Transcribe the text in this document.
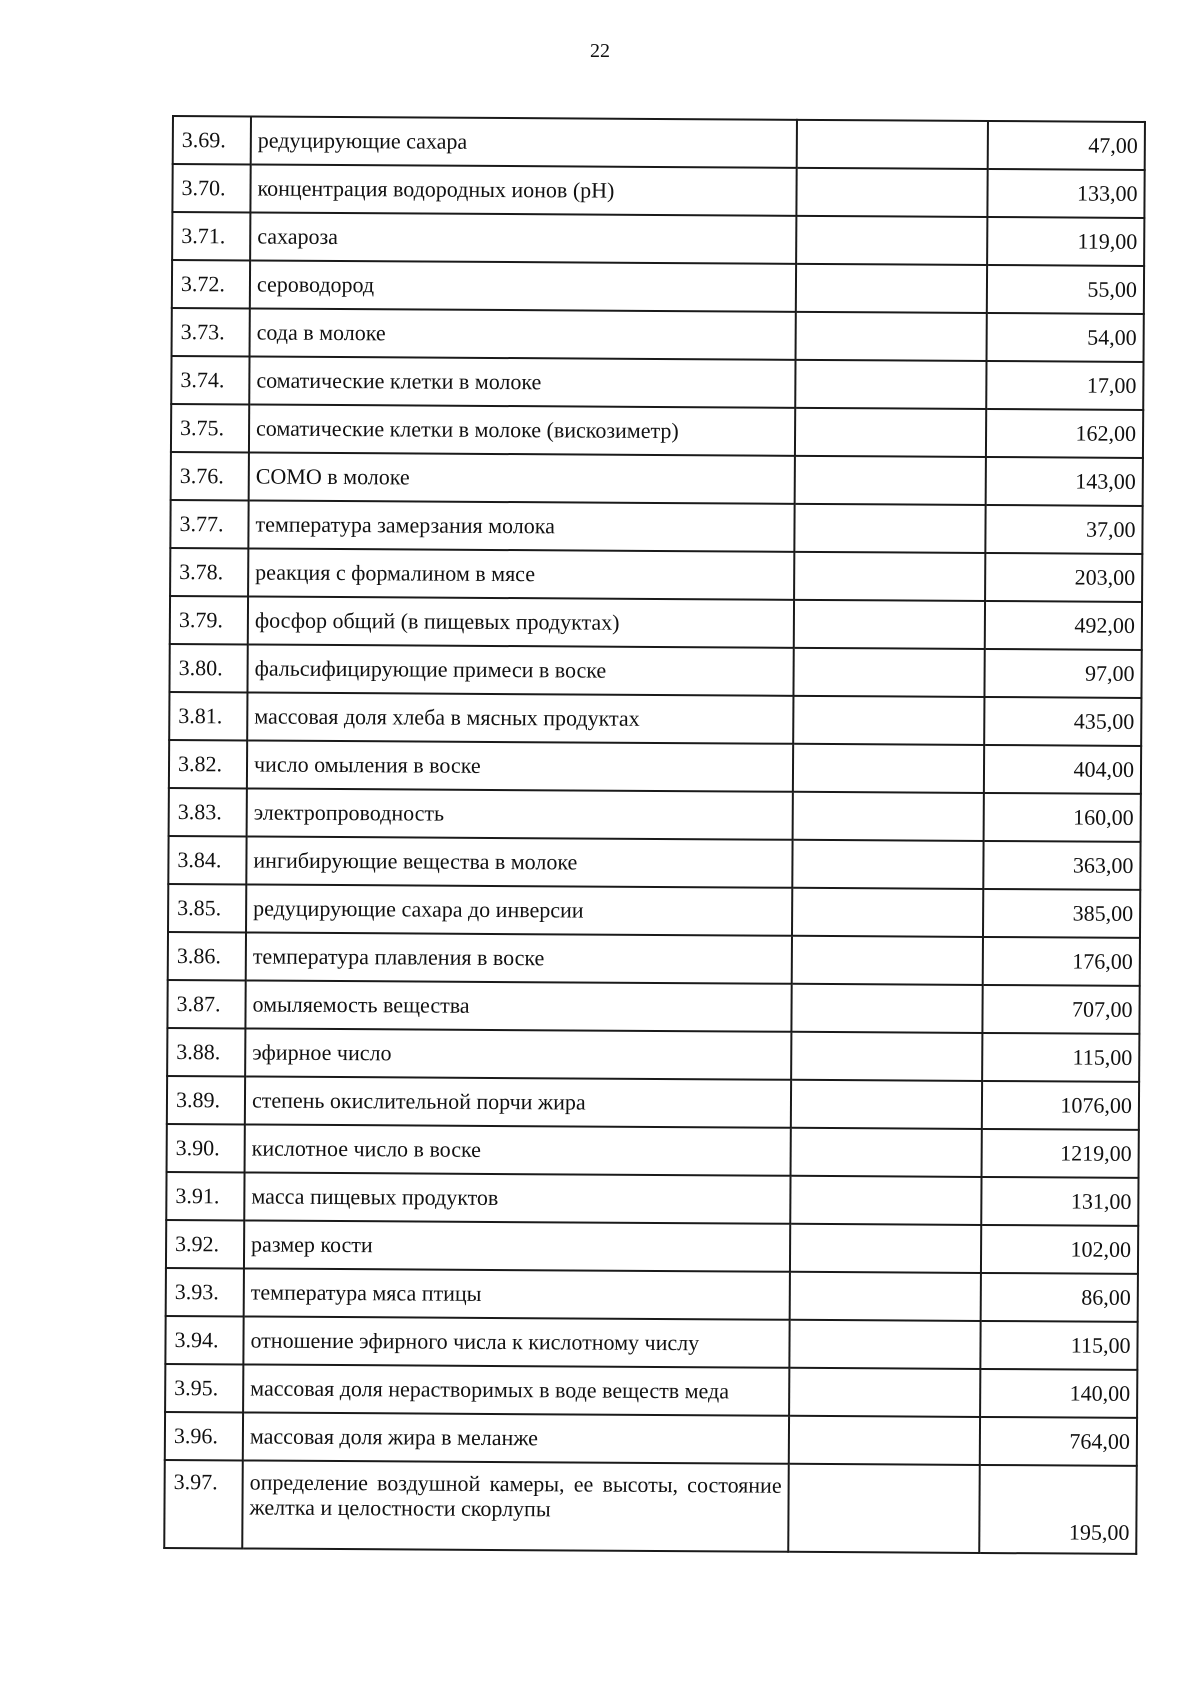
22
3.69.	редуцирующие сахара		47,00
3.70.	концентрация водородных ионов (pH)		133,00
3.71.	сахароза		119,00
3.72.	сероводород		55,00
3.73.	сода в молоке		54,00
3.74.	соматические клетки в молоке		17,00
3.75.	соматические клетки в молоке (вискозиметр)		162,00
3.76.	СОМО в молоке		143,00
3.77.	температура замерзания молока		37,00
3.78.	реакция с формалином в мясе		203,00
3.79.	фосфор общий (в пищевых продуктах)		492,00
3.80.	фальсифицирующие примеси в воске		97,00
3.81.	массовая доля хлеба в мясных продуктах		435,00
3.82.	число омыления в воске		404,00
3.83.	электропроводность		160,00
3.84.	ингибирующие вещества в молоке		363,00
3.85.	редуцирующие сахара до инверсии		385,00
3.86.	температура плавления в воске		176,00
3.87.	омыляемость вещества		707,00
3.88.	эфирное число		115,00
3.89.	степень окислительной порчи жира		1076,00
3.90.	кислотное число в воске		1219,00
3.91.	масса пищевых продуктов		131,00
3.92.	размер кости		102,00
3.93.	температура мяса птицы		86,00
3.94.	отношение эфирного числа к кислотному числу		115,00
3.95.	массовая доля нерастворимых в воде веществ меда		140,00
3.96.	массовая доля жира в меланже		764,00
3.97.	определение воздушной камеры, ее высоты, состояние желтка и целостности скорлупы		195,00
